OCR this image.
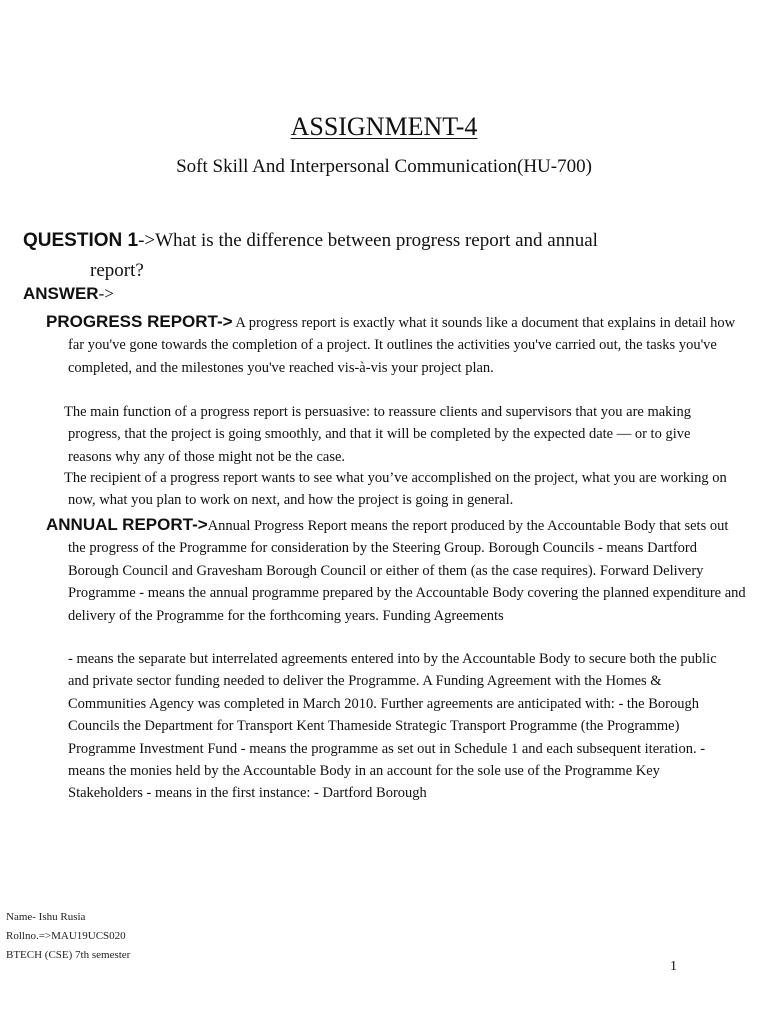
ASSIGNMENT-4
Soft Skill And Interpersonal Communication(HU-700)
QUESTION 1->What is the difference between progress report and annual
report?
ANSWER->
PROGRESS REPORT-> A progress report is exactly what it sounds like a document that explains in detail how far you've gone towards the completion of a project. It outlines the activities you've carried out, the tasks you've completed, and the milestones you've reached vis-à-vis your project plan.
The main function of a progress report is persuasive: to reassure clients and supervisors that you are making progress, that the project is going smoothly, and that it will be completed by the expected date — or to give reasons why any of those might not be the case.
The recipient of a progress report wants to see what you’ve accomplished on the project, what you are working on now, what you plan to work on next, and how the project is going in general.
ANNUAL REPORT->Annual Progress Report means the report produced by the Accountable Body that sets out the progress of the Programme for consideration by the Steering Group. Borough Councils - means Dartford Borough Council and Gravesham Borough Council or either of them (as the case requires). Forward Delivery Programme - means the annual programme prepared by the Accountable Body covering the planned expenditure and delivery of the Programme for the forthcoming years. Funding Agreements
- means the separate but interrelated agreements entered into by the Accountable Body to secure both the public and private sector funding needed to deliver the Programme. A Funding Agreement with the Homes & Communities Agency was completed in March 2010. Further agreements are anticipated with: - the Borough Councils the Department for Transport Kent Thameside Strategic Transport Programme (the Programme) Programme Investment Fund - means the programme as set out in Schedule 1 and each subsequent iteration. - means the monies held by the Accountable Body in an account for the sole use of the Programme Key Stakeholders - means in the first instance: - Dartford Borough
Name- Ishu Rusia
Rollno.=>MAU19UCS020
BTECH (CSE) 7th semester
1
